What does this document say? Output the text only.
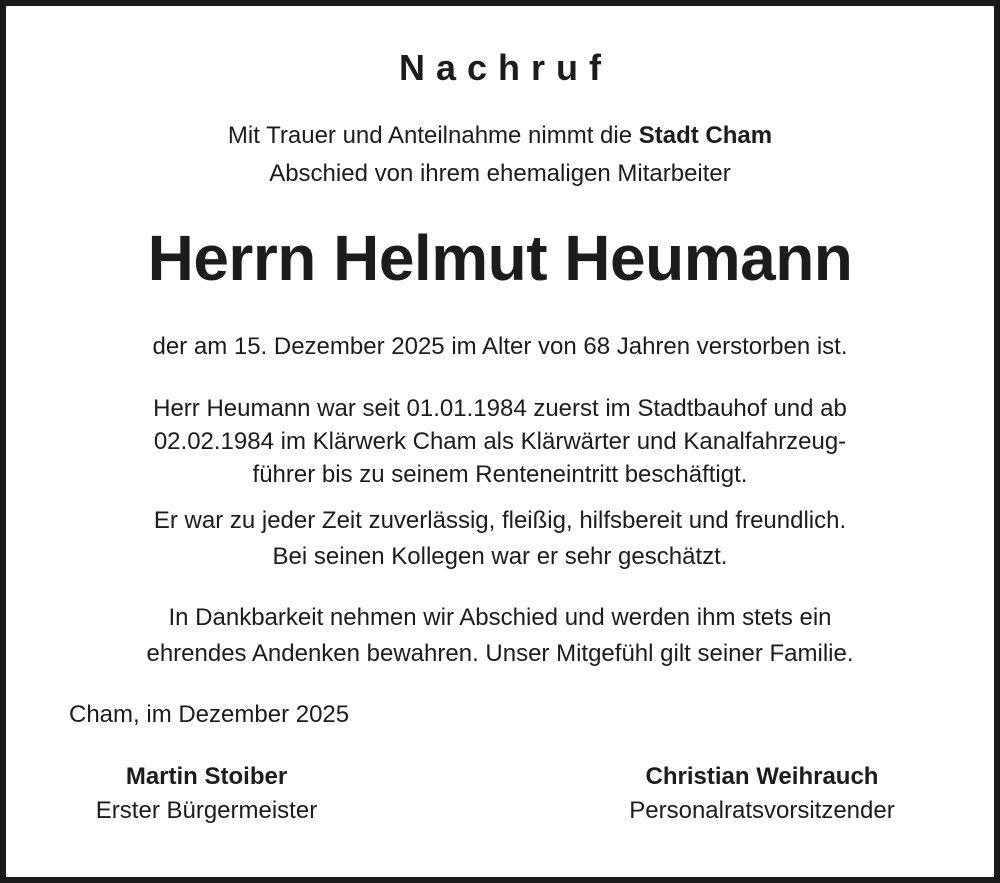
Nachruf
Mit Trauer und Anteilnahme nimmt die Stadt Cham
Abschied von ihrem ehemaligen Mitarbeiter
Herrn Helmut Heumann
der am 15. Dezember 2025 im Alter von 68 Jahren verstorben ist.
Herr Heumann war seit 01.01.1984 zuerst im Stadtbauhof und ab
02.02.1984 im Klärwerk Cham als Klärwärter und Kanalfahrzeug-
führer bis zu seinem Renteneintritt beschäftigt.
Er war zu jeder Zeit zuverlässig, fleißig, hilfsbereit und freundlich.
Bei seinen Kollegen war er sehr geschätzt.
In Dankbarkeit nehmen wir Abschied und werden ihm stets ein
ehrendes Andenken bewahren. Unser Mitgefühl gilt seiner Familie.
Cham, im Dezember 2025
Martin Stoiber
Erster Bürgermeister
Christian Weihrauch
Personalratsvorsitzender
